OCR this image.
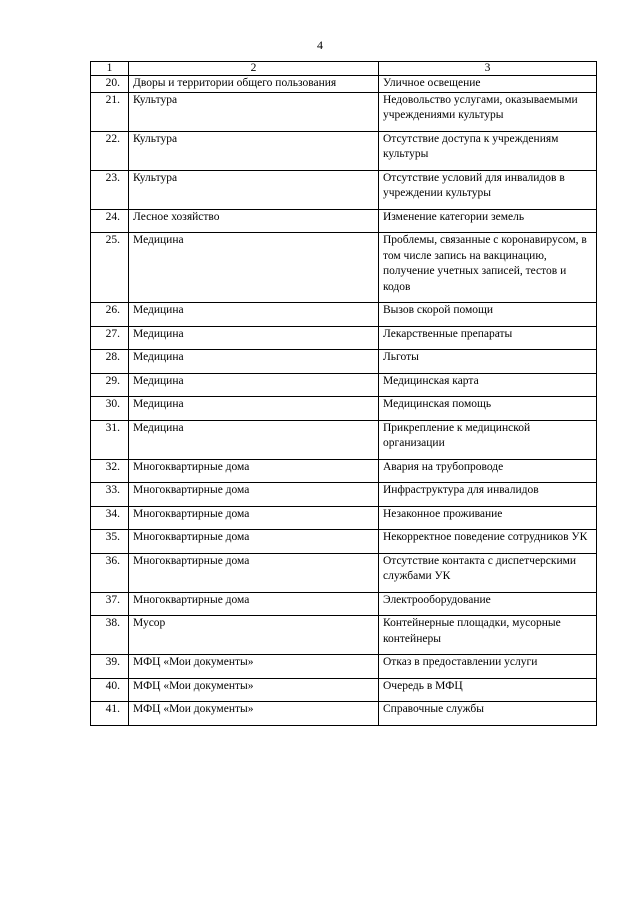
4
1	2	3
20.	Дворы и территории общего пользования	Уличное освещение
21.	Культура	Недовольство услугами, оказываемыми учреждениями культуры
22.	Культура	Отсутствие доступа к учреждениям культуры
23.	Культура	Отсутствие условий для инвалидов в учреждении культуры
24.	Лесное хозяйство	Изменение категории земель
25.	Медицина	Проблемы, связанные с коронавирусом, в том числе запись на вакцинацию, получение учетных записей, тестов и кодов
26.	Медицина	Вызов скорой помощи
27.	Медицина	Лекарственные препараты
28.	Медицина	Льготы
29.	Медицина	Медицинская карта
30.	Медицина	Медицинская помощь
31.	Медицина	Прикрепление к медицинской организации
32.	Многоквартирные дома	Авария на трубопроводе
33.	Многоквартирные дома	Инфраструктура для инвалидов
34.	Многоквартирные дома	Незаконное проживание
35.	Многоквартирные дома	Некорректное поведение сотрудников УК
36.	Многоквартирные дома	Отсутствие контакта с диспетчерскими службами УК
37.	Многоквартирные дома	Электрооборудование
38.	Мусор	Контейнерные площадки, мусорные контейнеры
39.	МФЦ «Мои документы»	Отказ в предоставлении услуги
40.	МФЦ «Мои документы»	Очередь в МФЦ
41.	МФЦ «Мои документы»	Справочные службы
